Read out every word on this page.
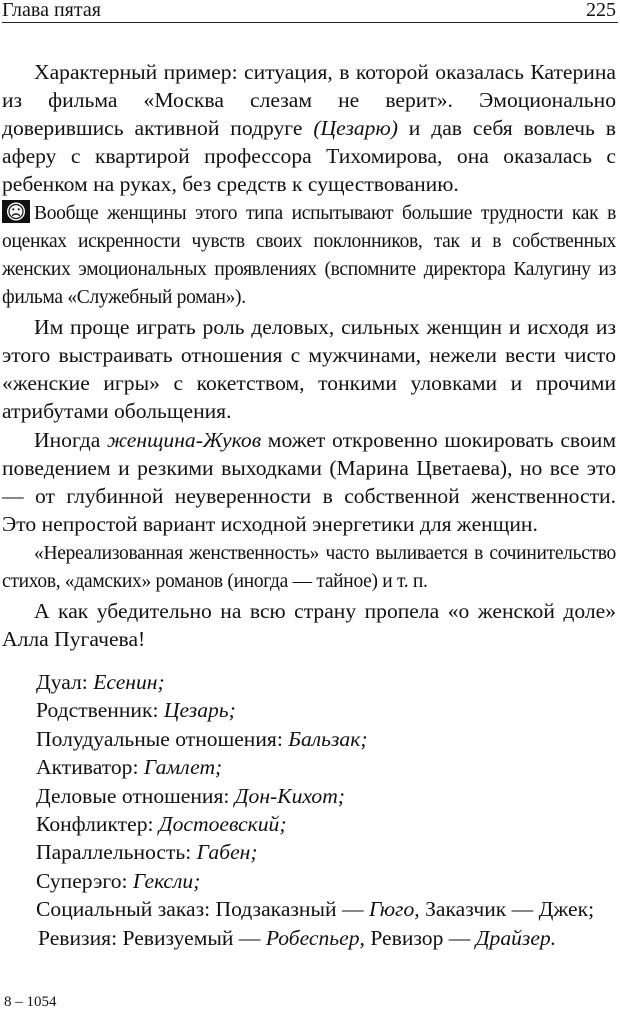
Глава пятая	225

Характерный пример: ситуация, в которой оказалась Катерина из фильма «Москва слезам не верит». Эмоционально доверившись активной подруге (Цезарю) и дав себя вовлечь в аферу с квартирой профессора Тихомирова, она оказалась с ребенком на руках, без средств к существованию.

Вообще женщины этого типа испытывают большие трудности как в оценках искренности чувств своих поклонников, так и в собственных женских эмоциональных проявлениях (вспомните директора Калугину из фильма «Служебный роман»).

Им проще играть роль деловых, сильных женщин и исходя из этого выстраивать отношения с мужчинами, нежели вести чисто «женские игры» с кокетством, тонкими уловками и прочими атрибутами обольщения.

Иногда женщина-Жуков может откровенно шокировать своим поведением и резкими выходками (Марина Цветаева), но все это — от глубинной неуверенности в собственной женственности. Это непростой вариант исходной энергетики для женщин.

«Нереализованная женственность» часто выливается в сочинительство стихов, «дамских» романов (иногда — тайное) и т. п.

А как убедительно на всю страну пропела «о женской доле» Алла Пугачева!

Дуал: Есенин;
Родственник: Цезарь;
Полудуальные отношения: Бальзак;
Активатор: Гамлет;
Деловые отношения: Дон-Кихот;
Конфликтер: Достоевский;
Параллельность: Габен;
Суперэго: Гексли;
Социальный заказ: Подзаказный — Гюго, Заказчик — Джек;
Ревизия: Ревизуемый — Робеспьер, Ревизор — Драйзер.
8 – 1054
